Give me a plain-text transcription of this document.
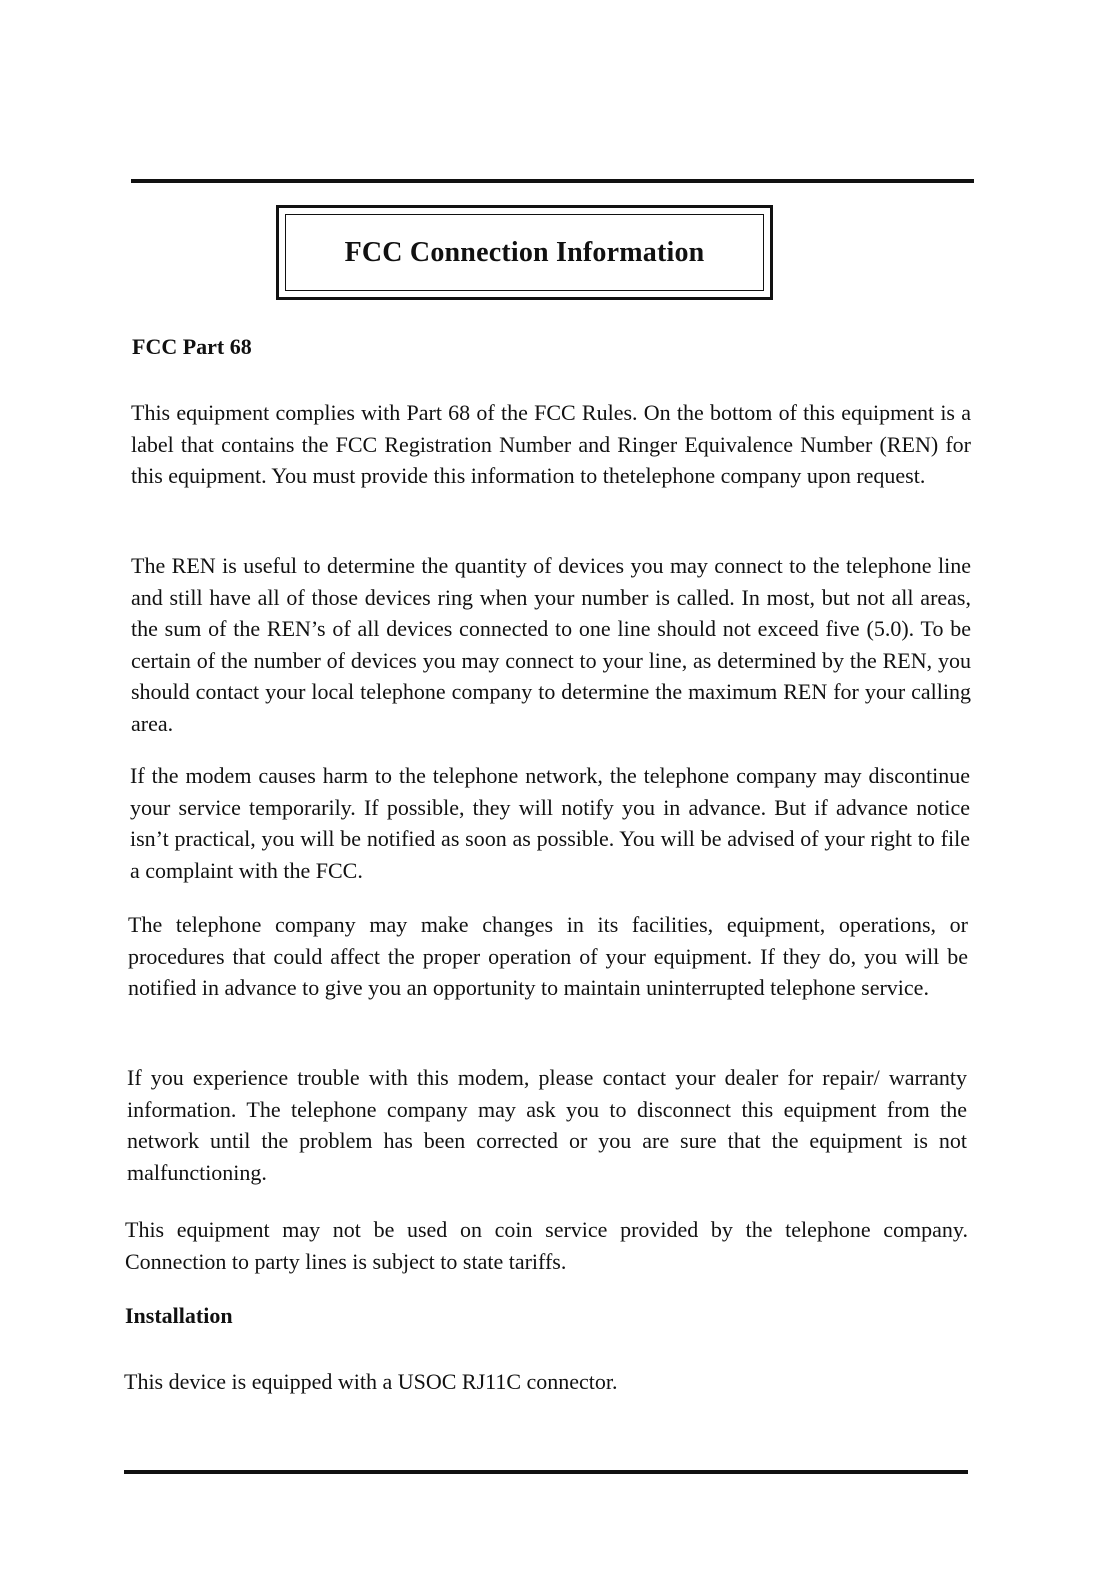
FCC Connection Information
FCC Part 68
This equipment complies with Part 68 of the FCC Rules. On the bottom of this equipment is a label that contains the FCC Registration Number and Ringer Equivalence Number (REN) for this equipment. You must provide this information to thetelephone company upon request.
The REN is useful to determine the quantity of devices you may connect to the telephone line and still have all of those devices ring when your number is called. In most, but not all areas, the sum of the REN’s of all devices connected to one line should not exceed five (5.0). To be certain of the number of devices you may connect to your line, as determined by the REN, you should contact your local telephone company to determine the maximum REN for your calling area.
If the modem causes harm to the telephone network, the telephone company may discontinue your service temporarily. If possible, they will notify you in advance. But if advance notice isn’t practical, you will be notified as soon as possible. You will be advised of your right to file a complaint with the FCC.
The telephone company may make changes in its facilities, equipment, operations, or procedures that could affect the proper operation of your equipment. If they do, you will be notified in advance to give you an opportunity to maintain uninterrupted telephone service.
If you experience trouble with this modem, please contact your dealer for repair/ warranty information. The telephone company may ask you to disconnect this equipment from the network until the problem has been corrected or you are sure that the equipment is not malfunctioning.
This equipment may not be used on coin service provided by the telephone company. Connection to party lines is subject to state tariffs.
Installation
This device is equipped with a USOC RJ11C connector.
